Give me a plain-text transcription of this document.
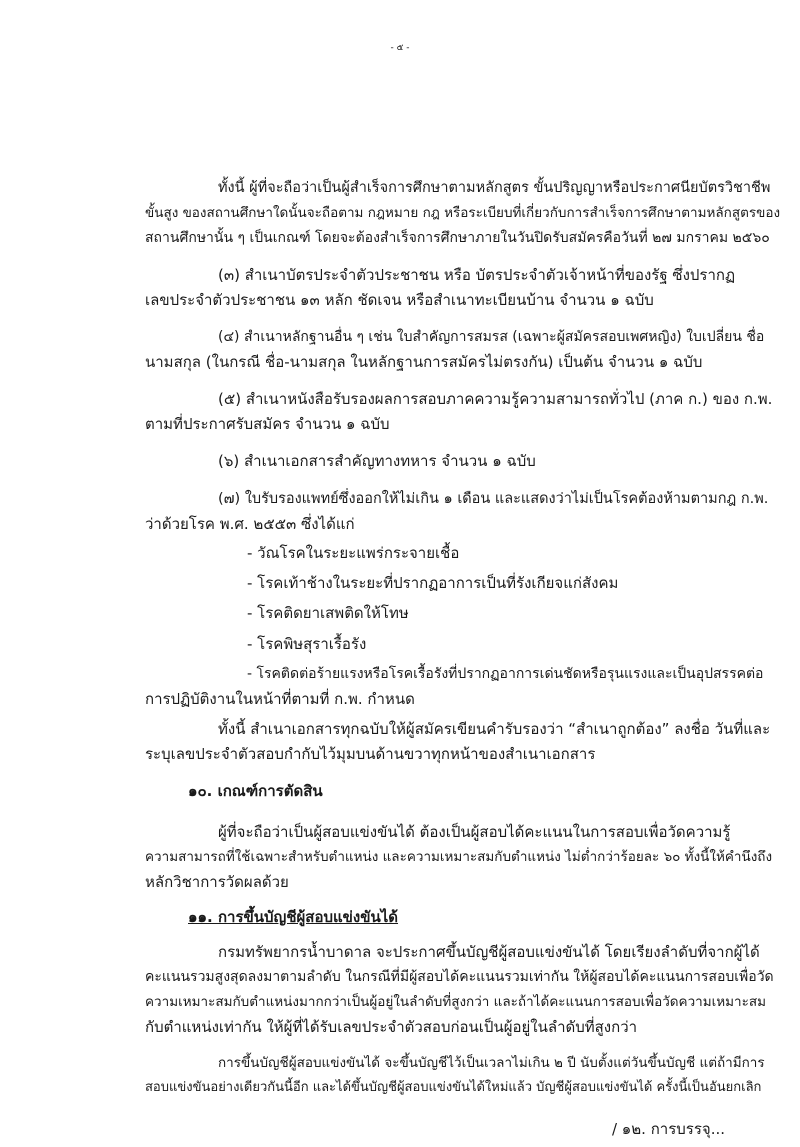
- ๕ -
ทั้งนี้ ผู้ที่จะถือว่าเป็นผู้สำเร็จการศึกษาตามหลักสูตร ขั้นปริญญาหรือประกาศนียบัตรวิชาชีพ
ขั้นสูง ของสถานศึกษาใดนั้นจะถือตาม กฎหมาย กฎ หรือระเบียบที่เกี่ยวกับการสำเร็จการศึกษาตามหลักสูตรของ
สถานศึกษานั้น ๆ เป็นเกณฑ์ โดยจะต้องสำเร็จการศึกษาภายในวันปิดรับสมัครคือวันที่ ๒๗ มกราคม ๒๕๖๐
(๓) สำเนาบัตรประจำตัวประชาชน หรือ บัตรประจำตัวเจ้าหน้าที่ของรัฐ ซึ่งปรากฏ
เลขประจำตัวประชาชน ๑๓ หลัก ชัดเจน หรือสำเนาทะเบียนบ้าน จำนวน ๑ ฉบับ
(๔) สำเนาหลักฐานอื่น ๆ เช่น ใบสำคัญการสมรส (เฉพาะผู้สมัครสอบเพศหญิง) ใบเปลี่ยน ชื่อ
นามสกุล (ในกรณี ชื่อ-นามสกุล ในหลักฐานการสมัครไม่ตรงกัน) เป็นต้น จำนวน ๑ ฉบับ
(๕) สำเนาหนังสือรับรองผลการสอบภาคความรู้ความสามารถทั่วไป (ภาค ก.) ของ ก.พ.
ตามที่ประกาศรับสมัคร จำนวน ๑ ฉบับ
(๖) สำเนาเอกสารสำคัญทางทหาร จำนวน ๑ ฉบับ
(๗) ใบรับรองแพทย์ซึ่งออกให้ไม่เกิน ๑ เดือน และแสดงว่าไม่เป็นโรคต้องห้ามตามกฎ ก.พ.
ว่าด้วยโรค พ.ศ. ๒๕๕๓ ซึ่งได้แก่
- วัณโรคในระยะแพร่กระจายเชื้อ
- โรคเท้าช้างในระยะที่ปรากฏอาการเป็นที่รังเกียจแก่สังคม
- โรคติดยาเสพติดให้โทษ
- โรคพิษสุราเรื้อรัง
- โรคติดต่อร้ายแรงหรือโรคเรื้อรังที่ปรากฏอาการเด่นชัดหรือรุนแรงและเป็นอุปสรรคต่อ
การปฏิบัติงานในหน้าที่ตามที่ ก.พ. กำหนด
ทั้งนี้ สำเนาเอกสารทุกฉบับให้ผู้สมัครเขียนคำรับรองว่า “สำเนาถูกต้อง” ลงชื่อ วันที่และ
ระบุเลขประจำตัวสอบกำกับไว้มุมบนด้านขวาทุกหน้าของสำเนาเอกสาร
๑๐. เกณฑ์การตัดสิน
ผู้ที่จะถือว่าเป็นผู้สอบแข่งขันได้ ต้องเป็นผู้สอบได้คะแนนในการสอบเพื่อวัดความรู้
ความสามารถที่ใช้เฉพาะสำหรับตำแหน่ง และความเหมาะสมกับตำแหน่ง ไม่ต่ำกว่าร้อยละ ๖๐ ทั้งนี้ให้คำนึงถึง
หลักวิชาการวัดผลด้วย
๑๑. การขึ้นบัญชีผู้สอบแข่งขันได้
กรมทรัพยากรน้ำบาดาล จะประกาศขึ้นบัญชีผู้สอบแข่งขันได้ โดยเรียงลำดับที่จากผู้ได้
คะแนนรวมสูงสุดลงมาตามลำดับ ในกรณีที่มีผู้สอบได้คะแนนรวมเท่ากัน ให้ผู้สอบได้คะแนนการสอบเพื่อวัด
ความเหมาะสมกับตำแหน่งมากกว่าเป็นผู้อยู่ในลำดับที่สูงกว่า และถ้าได้คะแนนการสอบเพื่อวัดความเหมาะสม
กับตำแหน่งเท่ากัน ให้ผู้ที่ได้รับเลขประจำตัวสอบก่อนเป็นผู้อยู่ในลำดับที่สูงกว่า
การขึ้นบัญชีผู้สอบแข่งขันได้ จะขึ้นบัญชีไว้เป็นเวลาไม่เกิน ๒ ปี นับตั้งแต่วันขึ้นบัญชี แต่ถ้ามีการ
สอบแข่งขันอย่างเดียวกันนี้อีก และได้ขึ้นบัญชีผู้สอบแข่งขันได้ใหม่แล้ว บัญชีผู้สอบแข่งขันได้ ครั้งนี้เป็นอันยกเลิก
/ ๑๒. การบรรจุ...
